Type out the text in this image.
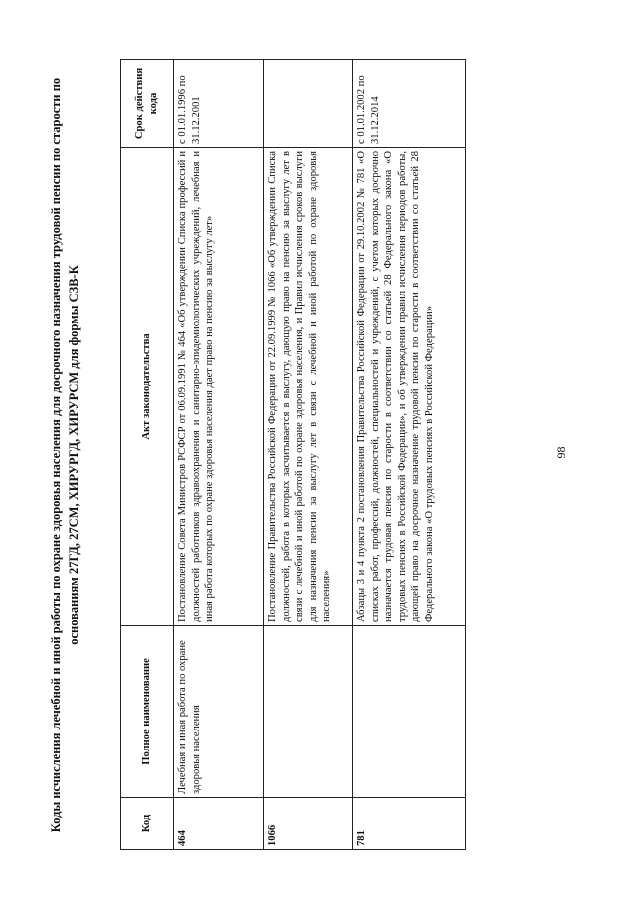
98
Коды исчисления лечебной и иной работы по охране здоровья населения для досрочного назначения трудовой пенсии по старости по основаниям 27ГД, 27СМ, ХИРУРГД, ХИРУРСМ для формы СЗВ-К
Код	Полное наименование	Акт законодательства	Срок действия кода
464	Лечебная и иная работа по охране здоровья населения	Постановление Совета Министров РСФСР от 06.09.1991 № 464 «Об утверждении Списка профессий и должностей работников здравоохранения и санитарно-эпидемиологических учреждений, лечебная и иная работа которых по охране здоровья населения дает право на пенсию за выслугу лет»	с 01.01.1996 по 31.12.2001
1066		Постановление Правительства Российской Федерации от 22.09.1999 № 1066 «Об утверждении Списка должностей, работа в которых засчитывается в выслугу, дающую право на пенсию за выслугу лет в связи с лечебной и иной работой по охране здоровья населения, и Правил исчисления сроков выслуги для назначения пенсии за выслугу лет в связи с лечебной и иной работой по охране здоровья населения»	
781		Абзацы 3 и 4 пункта 2 постановления Правительства Российской Федерации от 29.10.2002 № 781 «О списках работ, профессий, должностей, специальностей и учреждений, с учетом которых досрочно назначается трудовая пенсия по старости в соответствии со статьей 28 Федерального закона «О трудовых пенсиях в Российской Федерации», и об утверждении правил исчисления периодов работы, дающей право на досрочное назначение трудовой пенсии по старости в соответствии со статьей 28 Федерального закона «О трудовых пенсиях в Российской Федерации»	с 01.01.2002 по 31.12.2014
